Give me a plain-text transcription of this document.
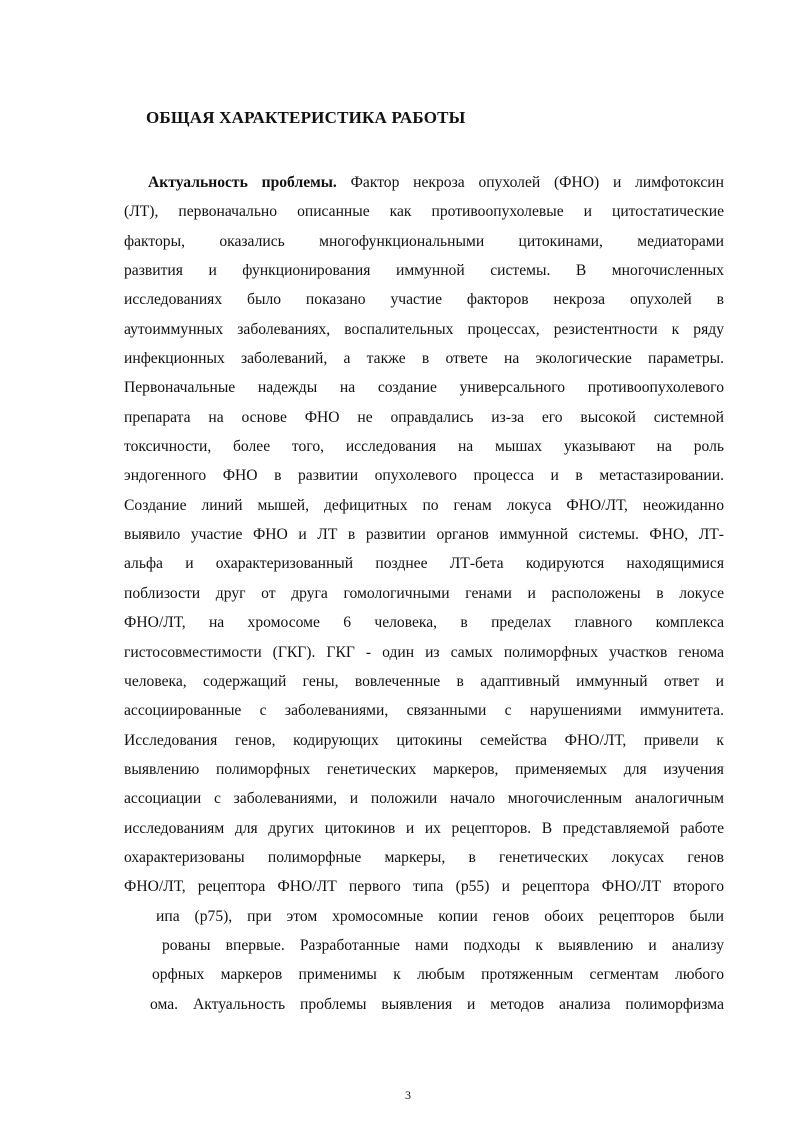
ОБЩАЯ ХАРАКТЕРИСТИКА РАБОТЫ
Актуальность проблемы. Фактор некроза опухолей (ФНО) и лимфотоксин
(ЛТ), первоначально описанные как противоопухолевые и цитостатические
факторы, оказались многофункциональными цитокинами, медиаторами
развития и функционирования иммунной системы. В многочисленных
исследованиях было показано участие факторов некроза опухолей в
аутоиммунных заболеваниях, воспалительных процессах, резистентности к ряду
инфекционных заболеваний, а также в ответе на экологические параметры.
Первоначальные надежды на создание универсального противоопухолевого
препарата на основе ФНО не оправдались из-за его высокой системной
токсичности, более того, исследования на мышах указывают на роль
эндогенного ФНО в развитии опухолевого процесса и в метастазировании.
Создание линий мышей, дефицитных по генам локуса ФНО/ЛТ, неожиданно
выявило участие ФНО и ЛТ в развитии органов иммунной системы. ФНО, ЛТ-
альфа и охарактеризованный позднее ЛТ-бета кодируются находящимися
поблизости друг от друга гомологичными генами и расположены в локусе
ФНО/ЛТ, на хромосоме 6 человека, в пределах главного комплекса
гистосовместимости (ГКГ). ГКГ - один из самых полиморфных участков генома
человека, содержащий гены, вовлеченные в адаптивный иммунный ответ и
ассоциированные с заболеваниями, связанными с нарушениями иммунитета.
Исследования генов, кодирующих цитокины семейства ФНО/ЛТ, привели к
выявлению полиморфных генетических маркеров, применяемых для изучения
ассоциации с заболеваниями, и положили начало многочисленным аналогичным
исследованиям для других цитокинов и их рецепторов. В представляемой работе
охарактеризованы полиморфные маркеры, в генетических локусах генов
ФНО/ЛТ, рецептора ФНО/ЛТ первого типа (p55) и рецептора ФНО/ЛТ второго
ипа (p75), при этом хромосомные копии генов обоих рецепторов были
рованы впервые. Разработанные нами подходы к выявлению и анализу
орфных маркеров применимы к любым протяженным сегментам любого
ома. Актуальность проблемы выявления и методов анализа полиморфизма
3
